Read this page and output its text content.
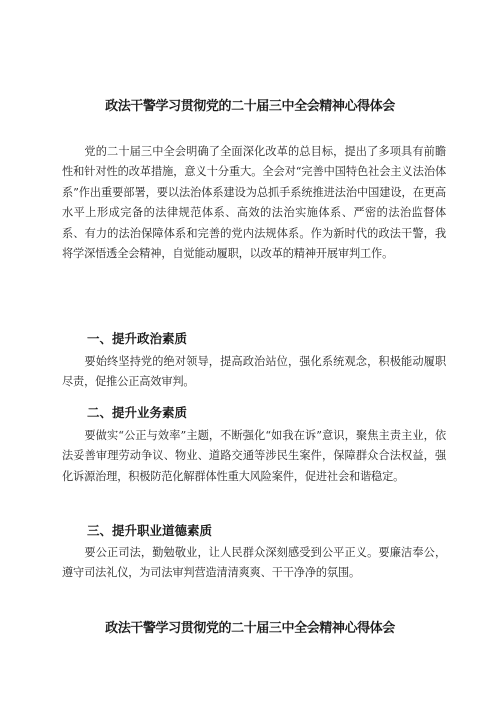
政法干警学习贯彻党的二十届三中全会精神心得体会

党的二十届三中全会明确了全面深化改革的总目标，提出了多项具有前瞻性和针对性的改革措施，意义十分重大。全会对“完善中国特色社会主义法治体系”作出重要部署，要以法治体系建设为总抓手系统推进法治中国建设，在更高水平上形成完备的法律规范体系、高效的法治实施体系、严密的法治监督体系、有力的法治保障体系和完善的党内法规体系。作为新时代的政法干警，我将学深悟透全会精神，自觉能动履职，以改革的精神开展审判工作。

一、提升政治素质

要始终坚持党的绝对领导，提高政治站位，强化系统观念，积极能动履职尽责，促推公正高效审判。

二、提升业务素质

要做实“公正与效率”主题，不断强化“如我在诉”意识，聚焦主责主业，依法妥善审理劳动争议、物业、道路交通等涉民生案件，保障群众合法权益，强化诉源治理，积极防范化解群体性重大风险案件，促进社会和谐稳定。

三、提升职业道德素质

要公正司法，勤勉敬业，让人民群众深刻感受到公平正义。要廉洁奉公，遵守司法礼仪，为司法审判营造清清爽爽、干干净净的氛围。

政法干警学习贯彻党的二十届三中全会精神心得体会
